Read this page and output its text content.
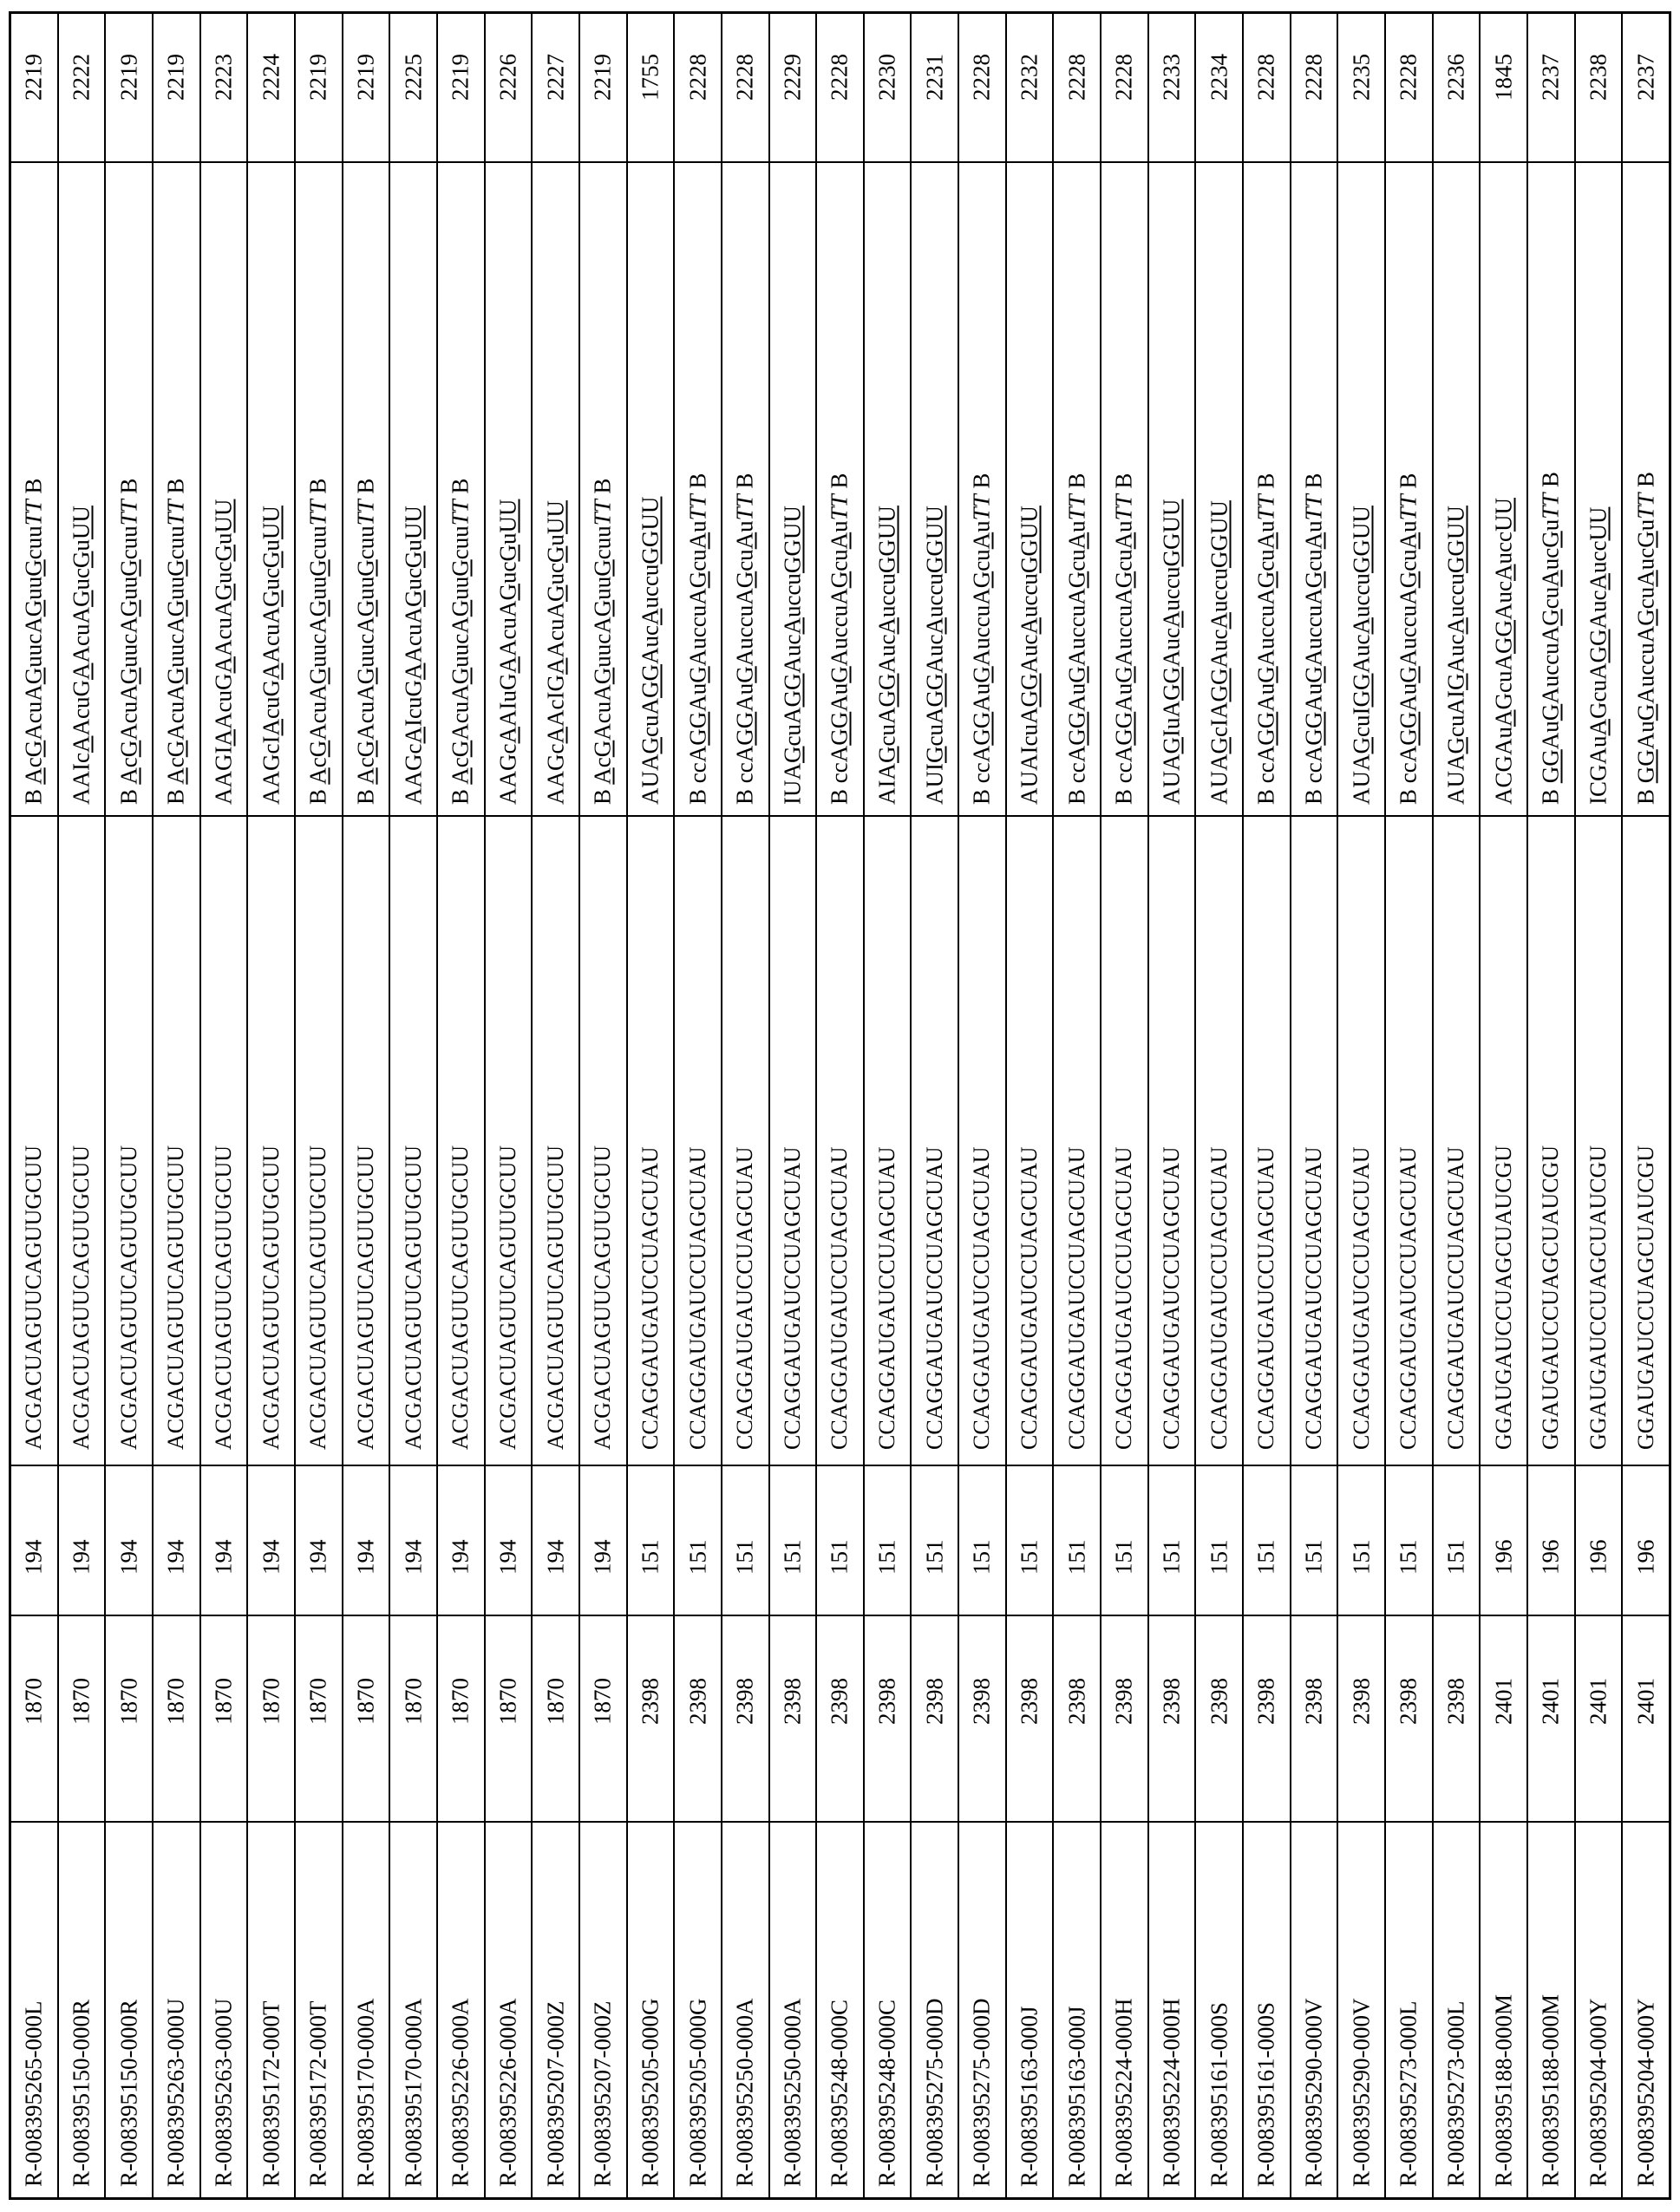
2219
B AcGAcuAGuucAGuuGcuuTT B
ACGACUAGUUCAGUUGCUU
194
1870
R-008395265-000L
2222
AAIcAAcuGAAcuAGucGuUU
ACGACUAGUUCAGUUGCUU
194
1870
R-008395150-000R
2219
B AcGAcuAGuucAGuuGcuuTT B
ACGACUAGUUCAGUUGCUU
194
1870
R-008395150-000R
2219
B AcGAcuAGuucAGuuGcuuTT B
ACGACUAGUUCAGUUGCUU
194
1870
R-008395263-000U
2223
AAGIAAcuGAAcuAGucGuUU
ACGACUAGUUCAGUUGCUU
194
1870
R-008395263-000U
2224
AAGcIAcuGAAcuAGucGuUU
ACGACUAGUUCAGUUGCUU
194
1870
R-008395172-000T
2219
B AcGAcuAGuucAGuuGcuuTT B
ACGACUAGUUCAGUUGCUU
194
1870
R-008395172-000T
2219
B AcGAcuAGuucAGuuGcuuTT B
ACGACUAGUUCAGUUGCUU
194
1870
R-008395170-000A
2225
AAGcAIcuGAAcuAGucGuUU
ACGACUAGUUCAGUUGCUU
194
1870
R-008395170-000A
2219
B AcGAcuAGuucAGuuGcuuTT B
ACGACUAGUUCAGUUGCUU
194
1870
R-008395226-000A
2226
AAGcAAIuGAAcuAGucGuUU
ACGACUAGUUCAGUUGCUU
194
1870
R-008395226-000A
2227
AAGcAAcIGAAcuAGucGuUU
ACGACUAGUUCAGUUGCUU
194
1870
R-008395207-000Z
2219
B AcGAcuAGuucAGuuGcuuTT B
ACGACUAGUUCAGUUGCUU
194
1870
R-008395207-000Z
1755
AUAGcuAGGAucAuccuGGUU
CCAGGAUGAUCCUAGCUAU
151
2398
R-008395205-000G
2228
B ccAGGAuGAuccuAGcuAuTT B
CCAGGAUGAUCCUAGCUAU
151
2398
R-008395205-000G
2228
B ccAGGAuGAuccuAGcuAuTT B
CCAGGAUGAUCCUAGCUAU
151
2398
R-008395250-000A
2229
IUAGcuAGGAucAuccuGGUU
CCAGGAUGAUCCUAGCUAU
151
2398
R-008395250-000A
2228
B ccAGGAuGAuccuAGcuAuTT B
CCAGGAUGAUCCUAGCUAU
151
2398
R-008395248-000C
2230
AIAGcuAGGAucAuccuGGUU
CCAGGAUGAUCCUAGCUAU
151
2398
R-008395248-000C
2231
AUIGcuAGGAucAuccuGGUU
CCAGGAUGAUCCUAGCUAU
151
2398
R-008395275-000D
2228
B ccAGGAuGAuccuAGcuAuTT B
CCAGGAUGAUCCUAGCUAU
151
2398
R-008395275-000D
2232
AUAIcuAGGAucAuccuGGUU
CCAGGAUGAUCCUAGCUAU
151
2398
R-008395163-000J
2228
B ccAGGAuGAuccuAGcuAuTT B
CCAGGAUGAUCCUAGCUAU
151
2398
R-008395163-000J
2228
B ccAGGAuGAuccuAGcuAuTT B
CCAGGAUGAUCCUAGCUAU
151
2398
R-008395224-000H
2233
AUAGIuAGGAucAuccuGGUU
CCAGGAUGAUCCUAGCUAU
151
2398
R-008395224-000H
2234
AUAGcIAGGAucAuccuGGUU
CCAGGAUGAUCCUAGCUAU
151
2398
R-008395161-000S
2228
B ccAGGAuGAuccuAGcuAuTT B
CCAGGAUGAUCCUAGCUAU
151
2398
R-008395161-000S
2228
B ccAGGAuGAuccuAGcuAuTT B
CCAGGAUGAUCCUAGCUAU
151
2398
R-008395290-000V
2235
AUAGcuIGGAucAuccuGGUU
CCAGGAUGAUCCUAGCUAU
151
2398
R-008395290-000V
2228
B ccAGGAuGAuccuAGcuAuTT B
CCAGGAUGAUCCUAGCUAU
151
2398
R-008395273-000L
2236
AUAGcuAIGAucAuccuGGUU
CCAGGAUGAUCCUAGCUAU
151
2398
R-008395273-000L
1845
ACGAuAGcuAGGAucAuccUU
GGAUGAUCCUAGCUAUCGU
196
2401
R-008395188-000M
2237
B GGAuGAuccuAGcuAucGuTT B
GGAUGAUCCUAGCUAUCGU
196
2401
R-008395188-000M
2238
ICGAuAGcuAGGAucAuccUU
GGAUGAUCCUAGCUAUCGU
196
2401
R-008395204-000Y
2237
B GGAuGAuccuAGcuAucGuTT B
GGAUGAUCCUAGCUAUCGU
196
2401
R-008395204-000Y
